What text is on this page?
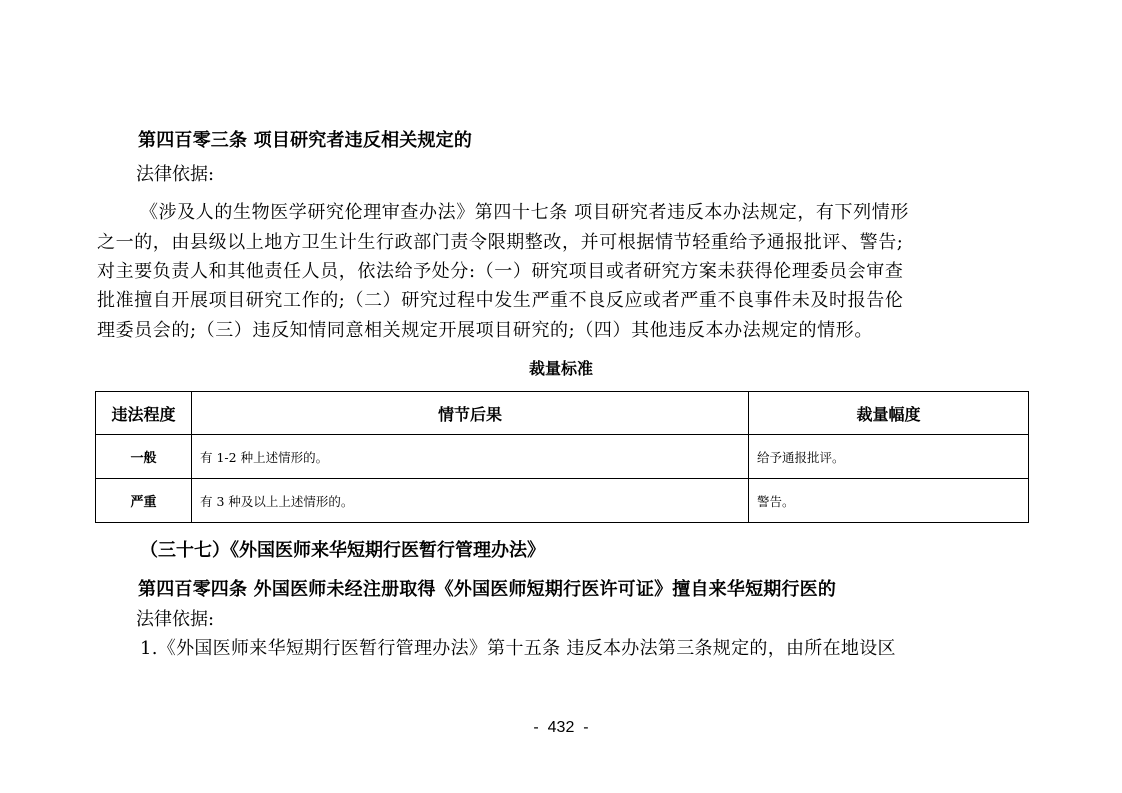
第四百零三条 项目研究者违反相关规定的
法律依据:
《涉及人的生物医学研究伦理审查办法》第四十七条 项目研究者违反本办法规定，有下列情形
之一的，由县级以上地方卫生计生行政部门责令限期整改，并可根据情节轻重给予通报批评、警告;
对主要负责人和其他责任人员，依法给予处分:（一）研究项目或者研究方案未获得伦理委员会审查
批准擅自开展项目研究工作的;（二）研究过程中发生严重不良反应或者严重不良事件未及时报告伦
理委员会的;（三）违反知情同意相关规定开展项目研究的;（四）其他违反本办法规定的情形。
裁量标准
违法程度	情节后果	裁量幅度
一般	有 1-2 种上述情形的。	给予通报批评。
严重	有 3 种及以上上述情形的。	警告。
（三十七）《外国医师来华短期行医暂行管理办法》
第四百零四条 外国医师未经注册取得《外国医师短期行医许可证》擅自来华短期行医的
法律依据:
1.《外国医师来华短期行医暂行管理办法》第十五条 违反本办法第三条规定的，由所在地设区
-  432  -
